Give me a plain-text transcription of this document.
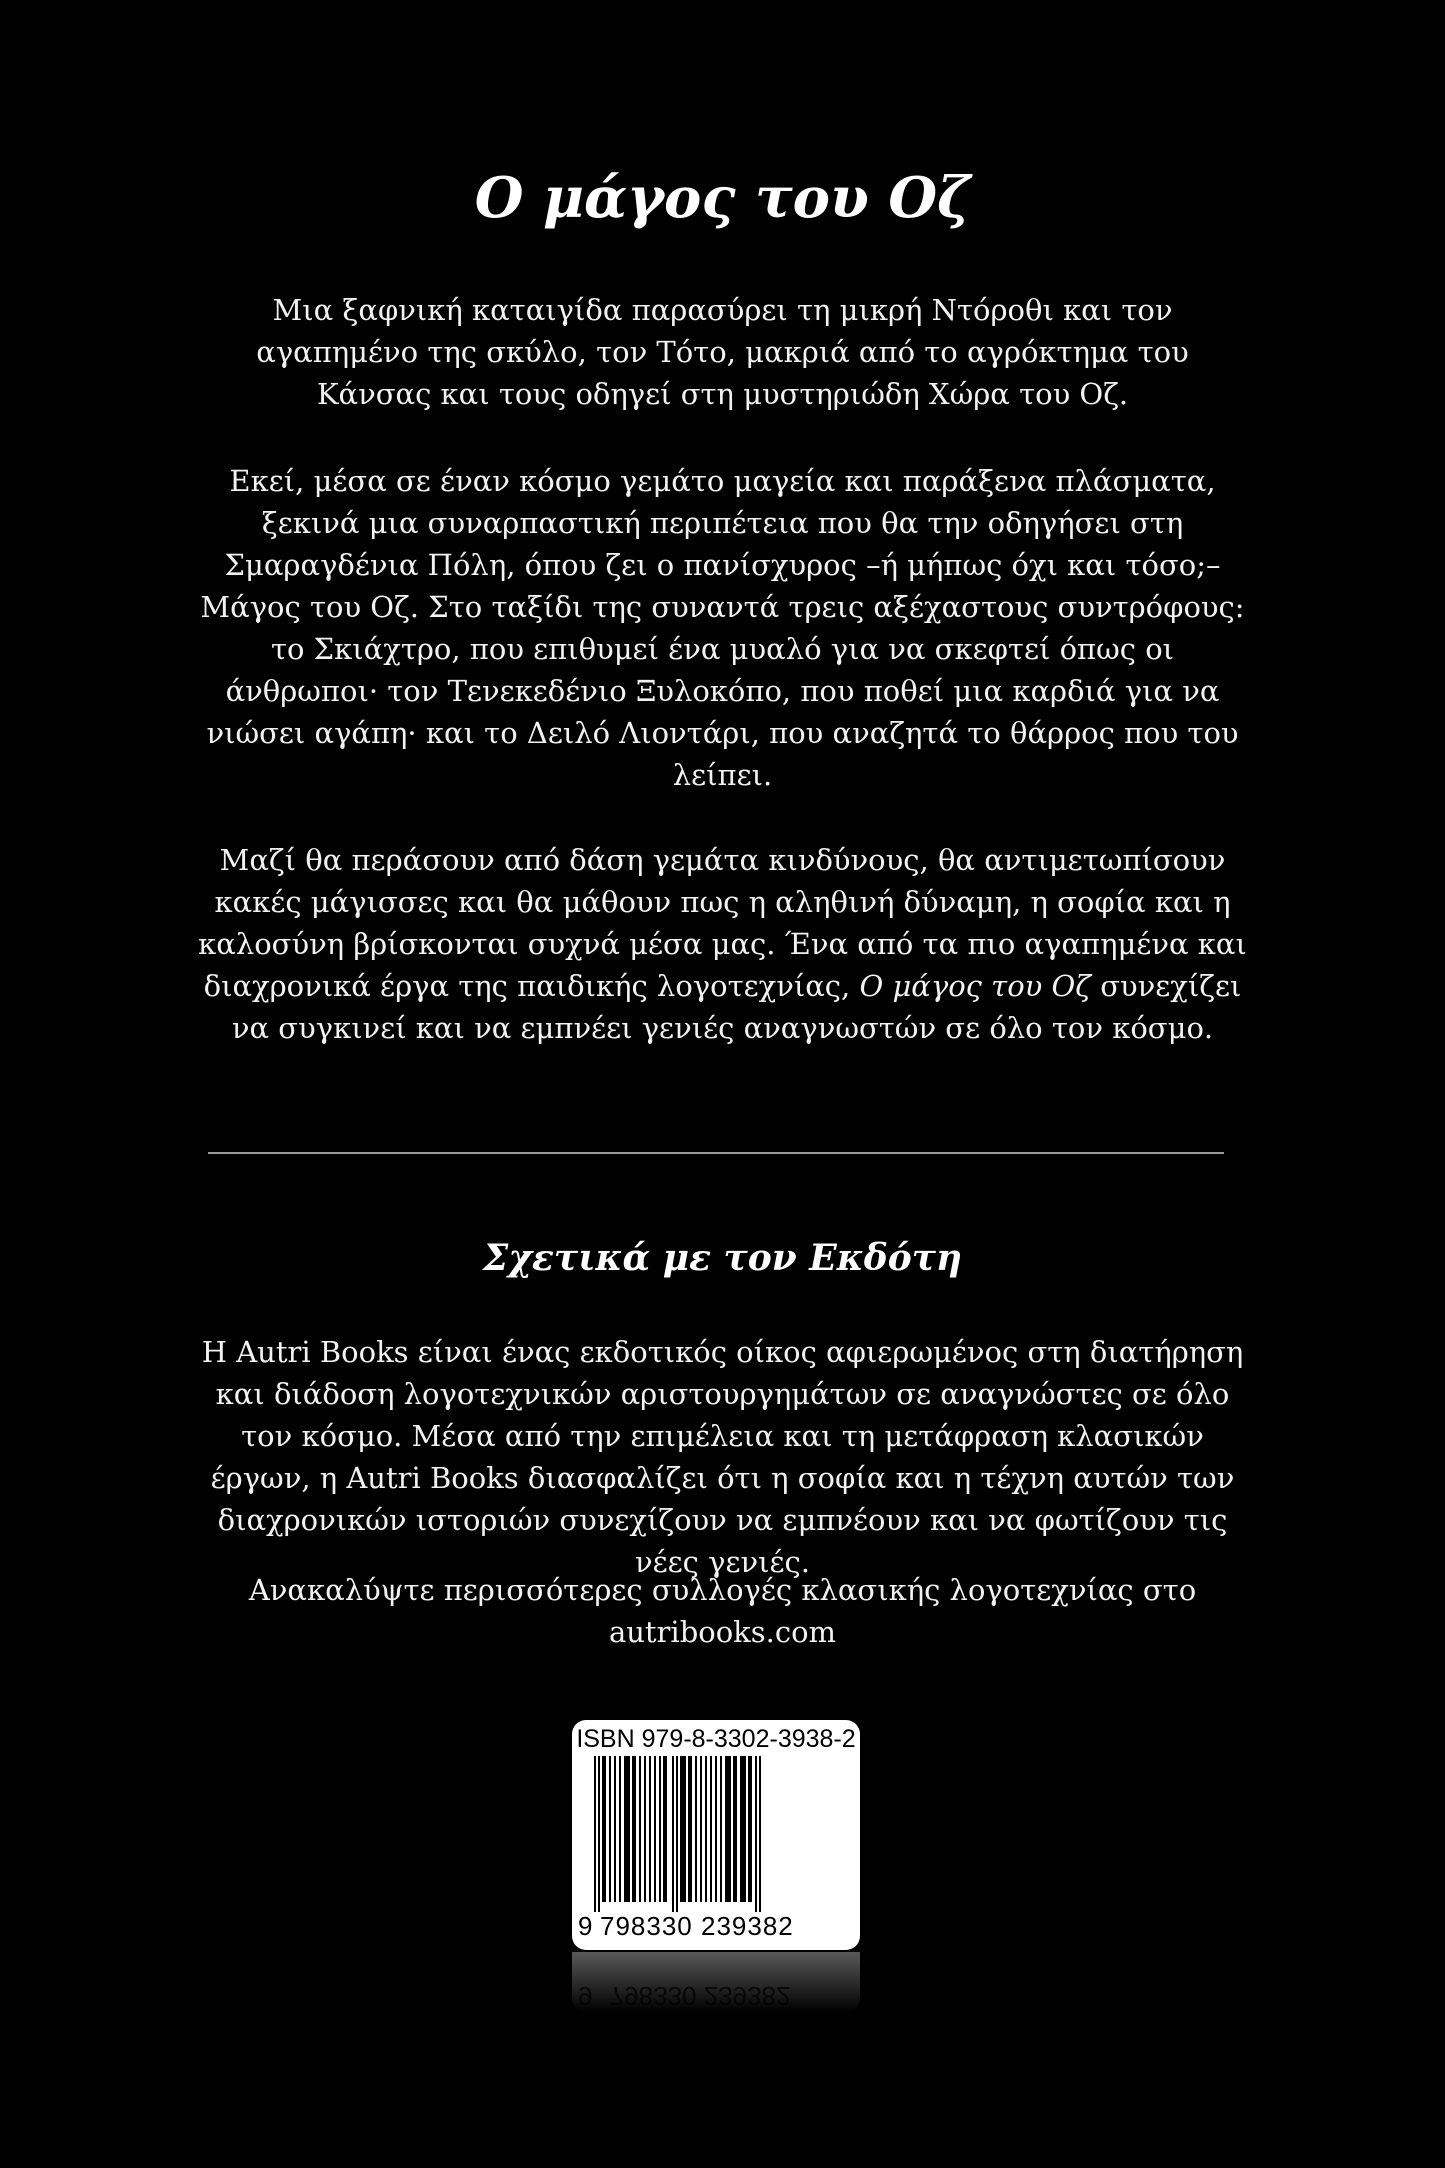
Ο μάγος του Οζ

Μια ξαφνική καταιγίδα παρασύρει τη μικρή Ντόροθι και τον αγαπημένο της σκύλο, τον Τότο, μακριά από το αγρόκτημα του Κάνσας και τους οδηγεί στη μυστηριώδη Χώρα του Οζ.

Εκεί, μέσα σε έναν κόσμο γεμάτο μαγεία και παράξενα πλάσματα, ξεκινά μια συναρπαστική περιπέτεια που θα την οδηγήσει στη Σμαραγδένια Πόλη, όπου ζει ο πανίσχυρος –ή μήπως όχι και τόσο;– Μάγος του Οζ. Στο ταξίδι της συναντά τρεις αξέχαστους συντρόφους: το Σκιάχτρο, που επιθυμεί ένα μυαλό για να σκεφτεί όπως οι άνθρωποι· τον Τενεκεδένιο Ξυλοκόπο, που ποθεί μια καρδιά για να νιώσει αγάπη· και το Δειλό Λιοντάρι, που αναζητά το θάρρος που του λείπει.

Μαζί θα περάσουν από δάση γεμάτα κινδύνους, θα αντιμετωπίσουν κακές μάγισσες και θα μάθουν πως η αληθινή δύναμη, η σοφία και η καλοσύνη βρίσκονται συχνά μέσα μας. Ένα από τα πιο αγαπημένα και διαχρονικά έργα της παιδικής λογοτεχνίας, Ο μάγος του Οζ συνεχίζει να συγκινεί και να εμπνέει γενιές αναγνωστών σε όλο τον κόσμο.

Σχετικά με τον Εκδότη

Η Autri Books είναι ένας εκδοτικός οίκος αφιερωμένος στη διατήρηση και διάδοση λογοτεχνικών αριστουργημάτων σε αναγνώστες σε όλο τον κόσμο. Μέσα από την επιμέλεια και τη μετάφραση κλασικών έργων, η Autri Books διασφαλίζει ότι η σοφία και η τέχνη αυτών των διαχρονικών ιστοριών συνεχίζουν να εμπνέουν και να φωτίζουν τις νέες γενιές.

Ανακαλύψτε περισσότερες συλλογές κλασικής λογοτεχνίας στο autribooks.com

ISBN 979-8-3302-3938-2
9 798330 239382
9 798330 239382
